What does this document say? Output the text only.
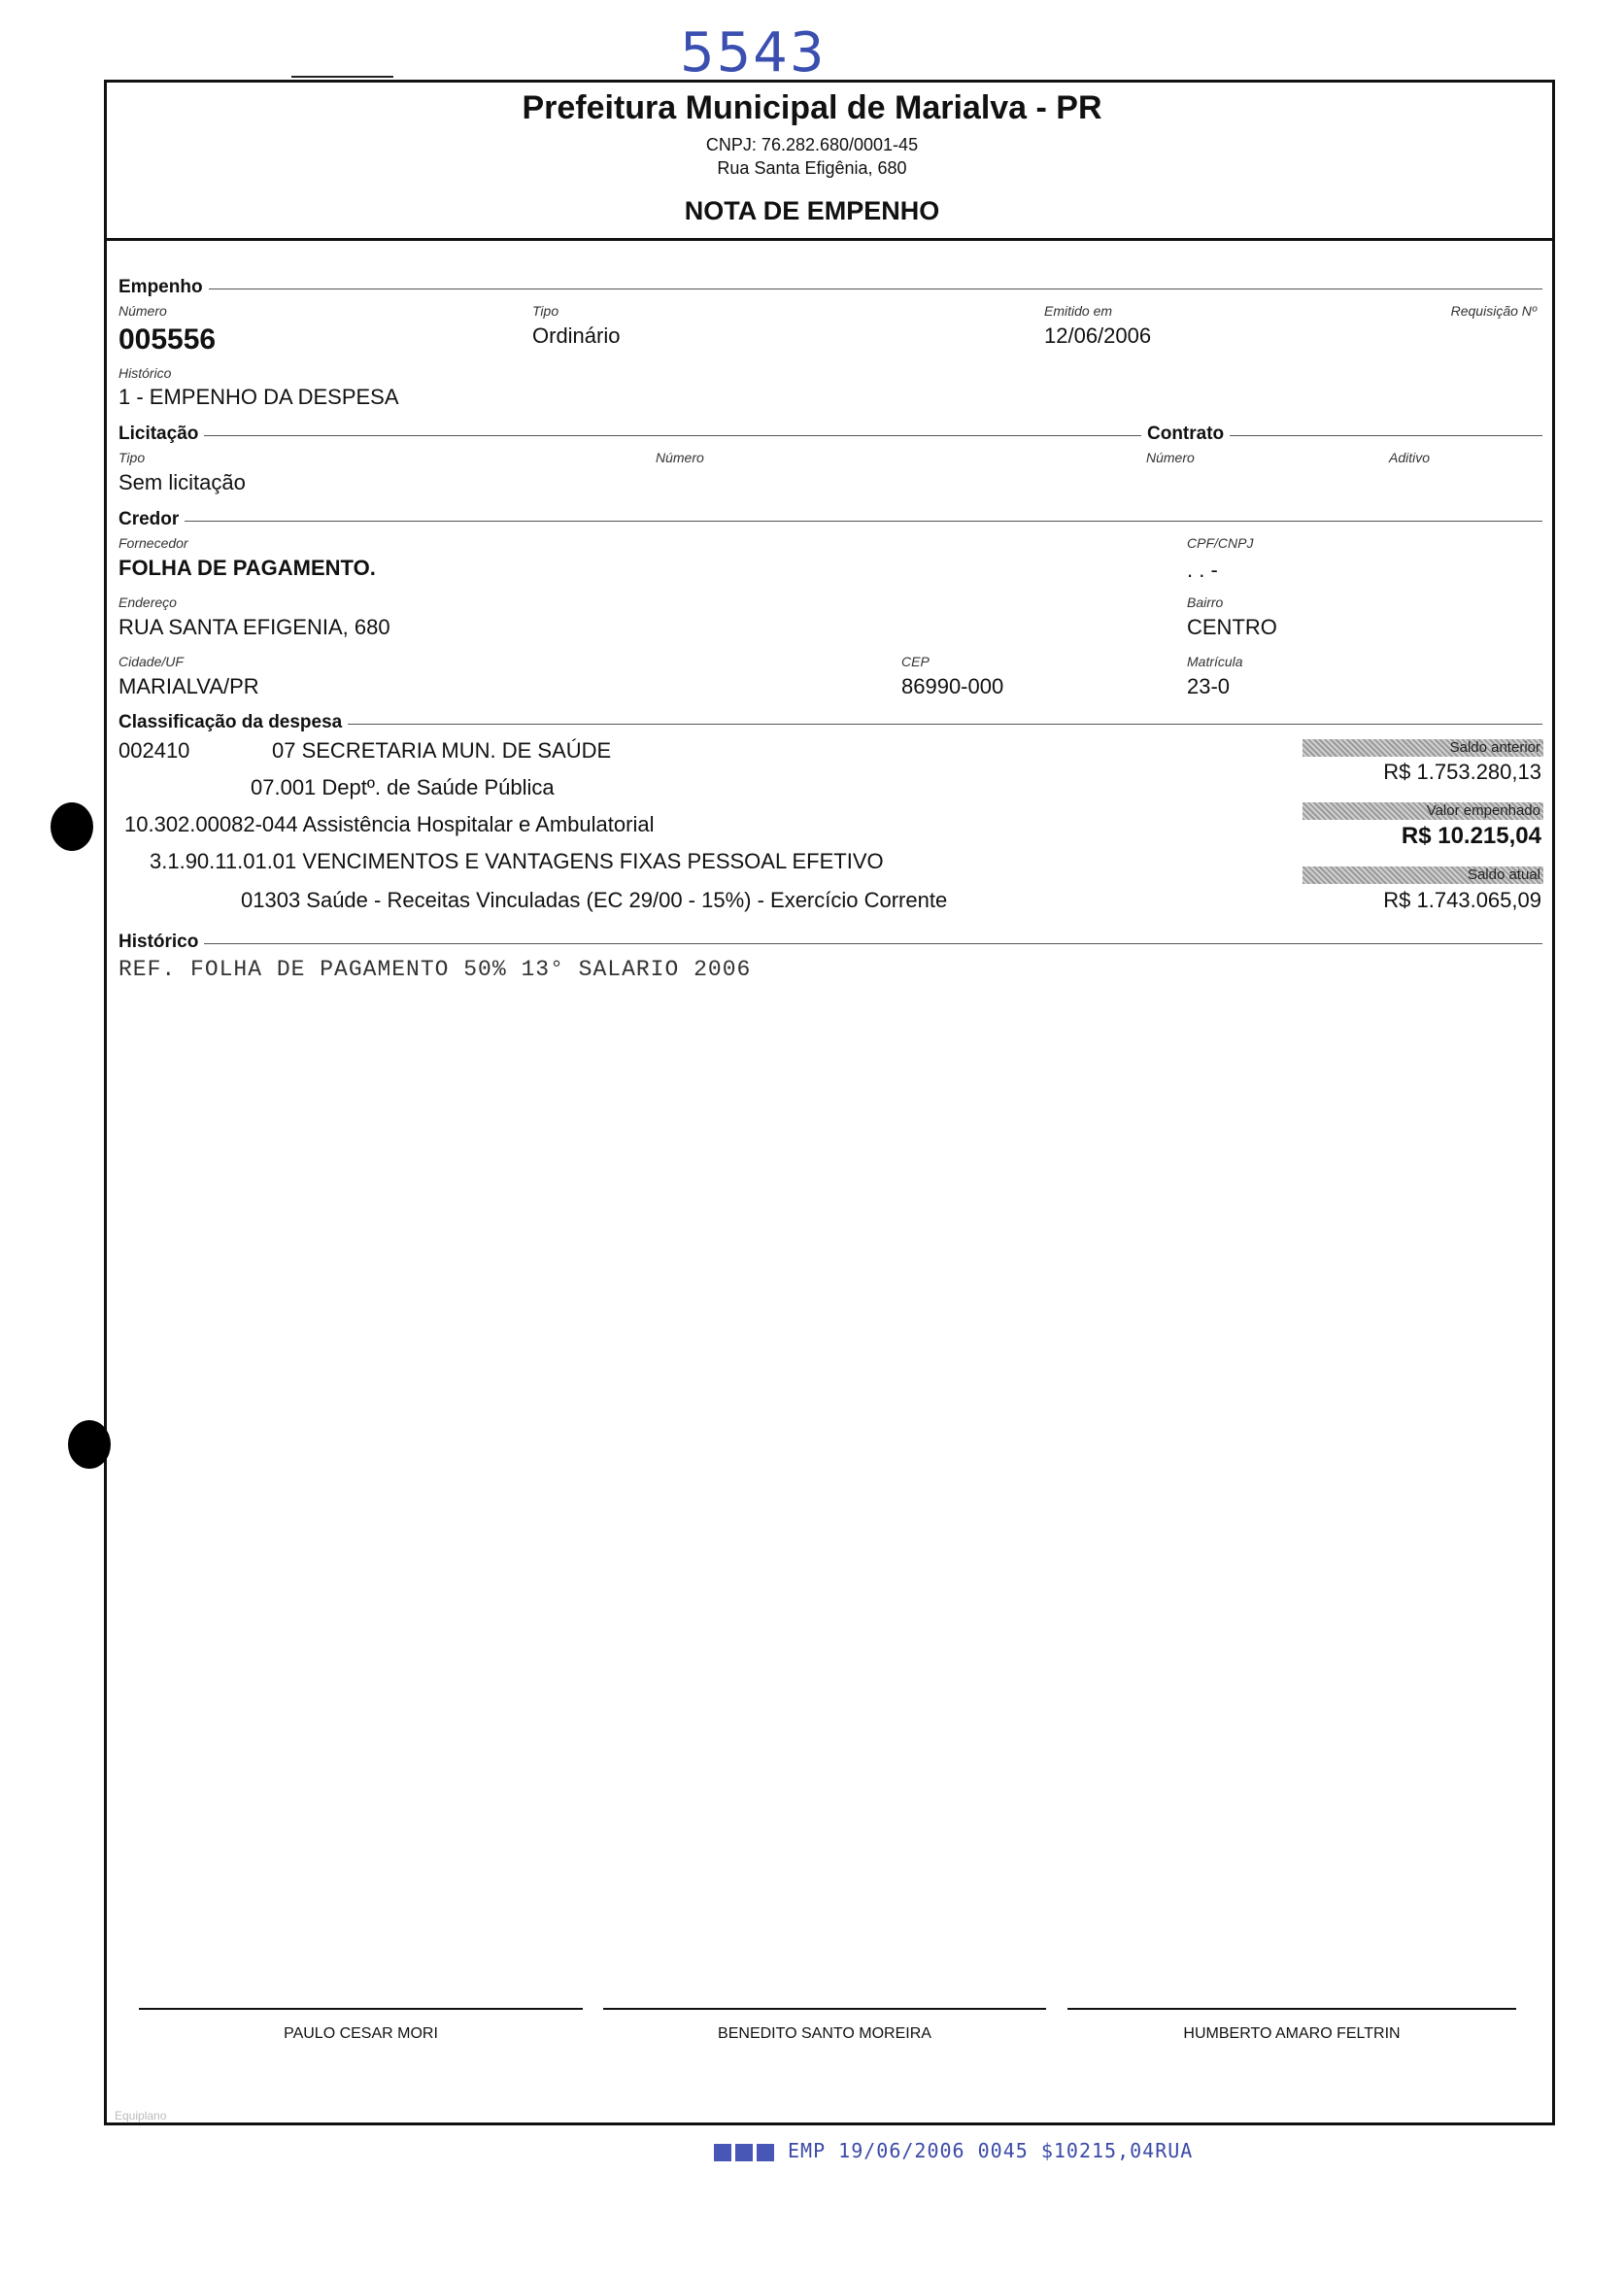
5543
Prefeitura Municipal de Marialva - PR
CNPJ: 76.282.680/0001-45
Rua Santa Efigênia, 680
NOTA DE EMPENHO
Empenho
Número
005556
Tipo
Ordinário
Emitido em
12/06/2006
Requisição Nº
Histórico
1 - EMPENHO DA DESPESA
Licitação	Contrato
Tipo
Sem licitação
Número	Número	Aditivo
Credor
Fornecedor
FOLHA DE PAGAMENTO.
CPF/CNPJ
. . -
Endereço
RUA SANTA EFIGENIA, 680
Bairro
CENTRO
Cidade/UF
MARIALVA/PR
CEP
86990-000
Matrícula
23-0
Classificação da despesa
002410	07 SECRETARIA MUN. DE SAÚDE
07.001 Deptº. de Saúde Pública
10.302.00082-044 Assistência Hospitalar e Ambulatorial
3.1.90.11.01.01 VENCIMENTOS E VANTAGENS FIXAS PESSOAL EFETIVO
01303 Saúde - Receitas Vinculadas (EC 29/00 - 15%) - Exercício Corrente
Saldo anterior
R$ 1.753.280,13
Valor empenhado
R$ 10.215,04
Saldo atual
R$ 1.743.065,09
Histórico
REF. FOLHA DE PAGAMENTO 50% 13° SALARIO 2006
PAULO CESAR MORI	BENEDITO SANTO MOREIRA	HUMBERTO AMARO FELTRIN
Equiplano
EMP 19/06/2006 0045 $10215,04RUA
